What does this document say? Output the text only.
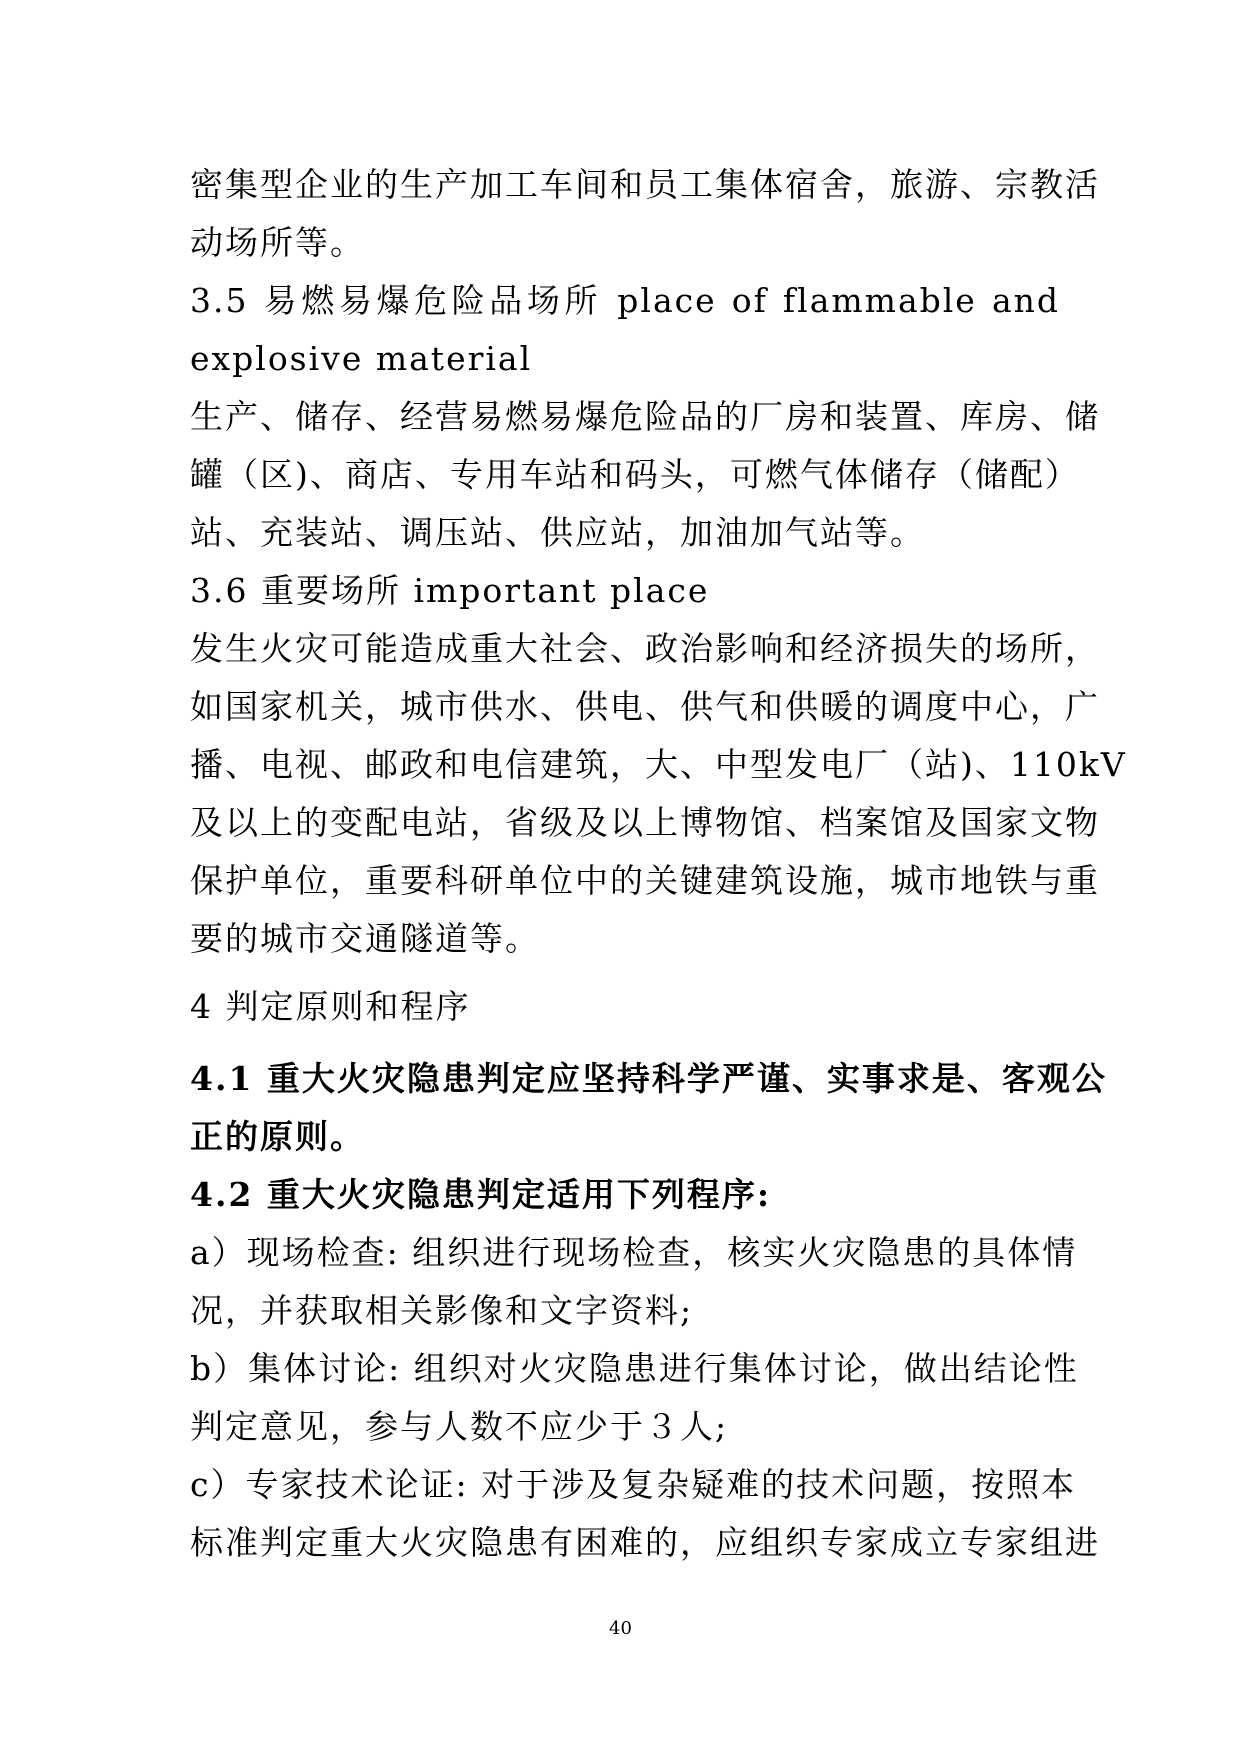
密集型企业的生产加工车间和员工集体宿舍，旅游、宗教活
动场所等。
3.5 易燃易爆危险品场所 place of flammable and
explosive material
生产、储存、经营易燃易爆危险品的厂房和装置、库房、储
罐（区)、商店、专用车站和码头，可燃气体储存（储配）
站、充装站、调压站、供应站，加油加气站等。
3.6 重要场所 important place
发生火灾可能造成重大社会、政治影响和经济损失的场所，
如国家机关，城市供水、供电、供气和供暖的调度中心，广
播、电视、邮政和电信建筑，大、中型发电厂（站)、110kV
及以上的变配电站，省级及以上博物馆、档案馆及国家文物
保护单位，重要科研单位中的关键建筑设施，城市地铁与重
要的城市交通隧道等。
4 判定原则和程序
4.1 重大火灾隐患判定应坚持科学严谨、实事求是、客观公
正的原则。
4.2 重大火灾隐患判定适用下列程序:
a）现场检查: 组织进行现场检查，核实火灾隐患的具体情
况，并获取相关影像和文字资料;
b）集体讨论: 组织对火灾隐患进行集体讨论，做出结论性
判定意见，参与人数不应少于３人;
c）专家技术论证: 对于涉及复杂疑难的技术问题，按照本
标准判定重大火灾隐患有困难的，应组织专家成立专家组进
40
